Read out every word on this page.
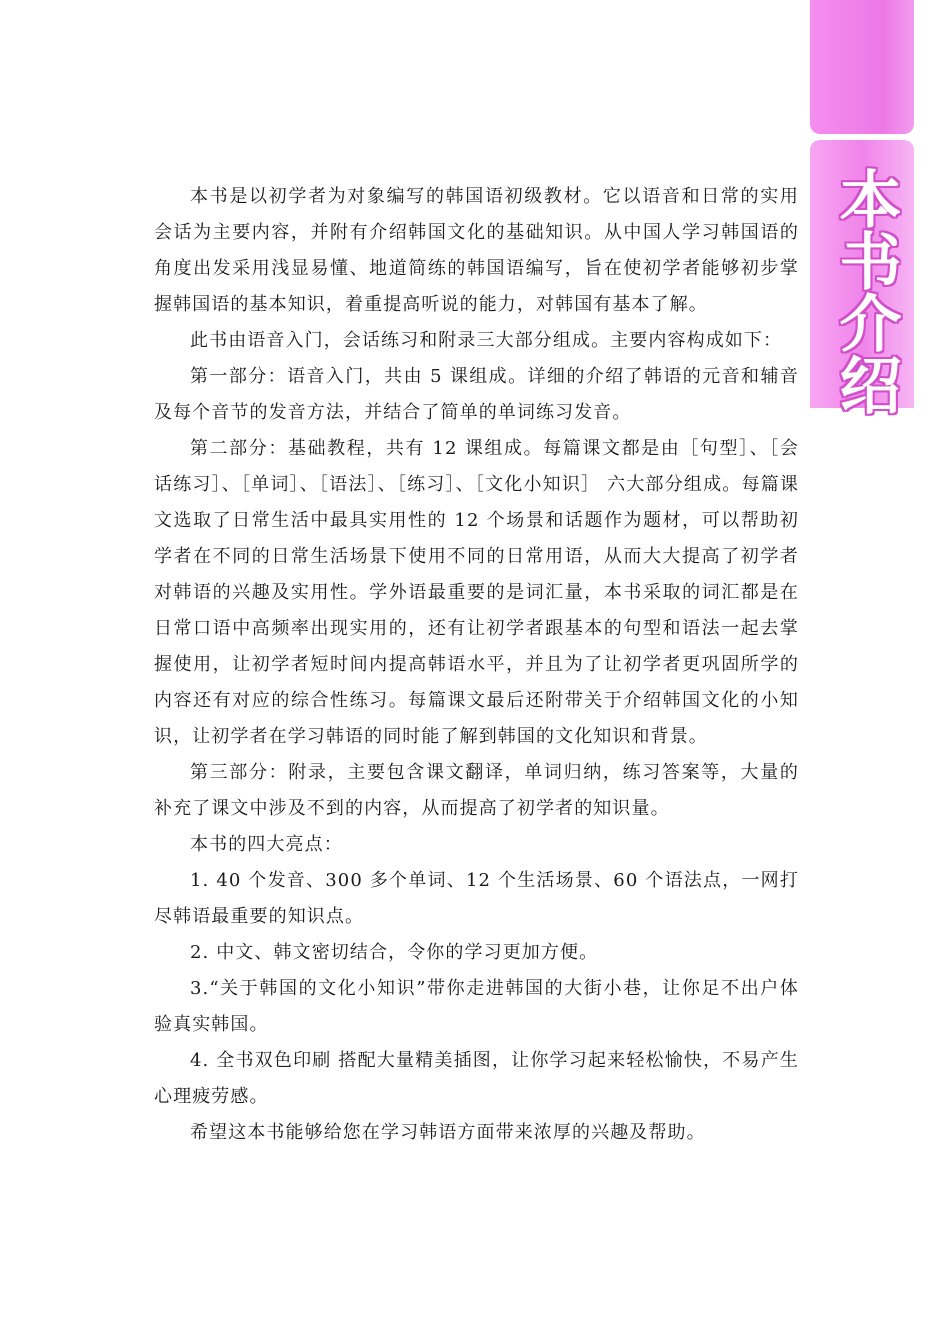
本书介绍

本书是以初学者为对象编写的韩国语初级教材。它以语音和日常的实用会话为主要内容，并附有介绍韩国文化的基础知识。从中国人学习韩国语的角度出发采用浅显易懂、地道简练的韩国语编写，旨在使初学者能够初步掌握韩国语的基本知识，着重提高听说的能力，对韩国有基本了解。

此书由语音入门，会话练习和附录三大部分组成。主要内容构成如下：

第一部分：语音入门，共由 5 课组成。详细的介绍了韩语的元音和辅音及每个音节的发音方法，并结合了简单的单词练习发音。

第二部分：基础教程，共有 12 课组成。每篇课文都是由［句型］、［会话练习］、［单词］、［语法］、［练习］、［文化小知识］ 六大部分组成。每篇课文选取了日常生活中最具实用性的 12 个场景和话题作为题材，可以帮助初学者在不同的日常生活场景下使用不同的日常用语，从而大大提高了初学者对韩语的兴趣及实用性。学外语最重要的是词汇量，本书采取的词汇都是在日常口语中高频率出现实用的，还有让初学者跟基本的句型和语法一起去掌握使用，让初学者短时间内提高韩语水平，并且为了让初学者更巩固所学的内容还有对应的综合性练习。每篇课文最后还附带关于介绍韩国文化的小知识，让初学者在学习韩语的同时能了解到韩国的文化知识和背景。

第三部分：附录，主要包含课文翻译，单词归纳，练习答案等，大量的补充了课文中涉及不到的内容，从而提高了初学者的知识量。

本书的四大亮点：

1. 40 个发音、300 多个单词、12 个生活场景、60 个语法点，一网打尽韩语最重要的知识点。

2. 中文、韩文密切结合，令你的学习更加方便。

3.“关于韩国的文化小知识”带你走进韩国的大街小巷，让你足不出户体验真实韩国。

4. 全书双色印刷 搭配大量精美插图，让你学习起来轻松愉快，不易产生心理疲劳感。

希望这本书能够给您在学习韩语方面带来浓厚的兴趣及帮助。
